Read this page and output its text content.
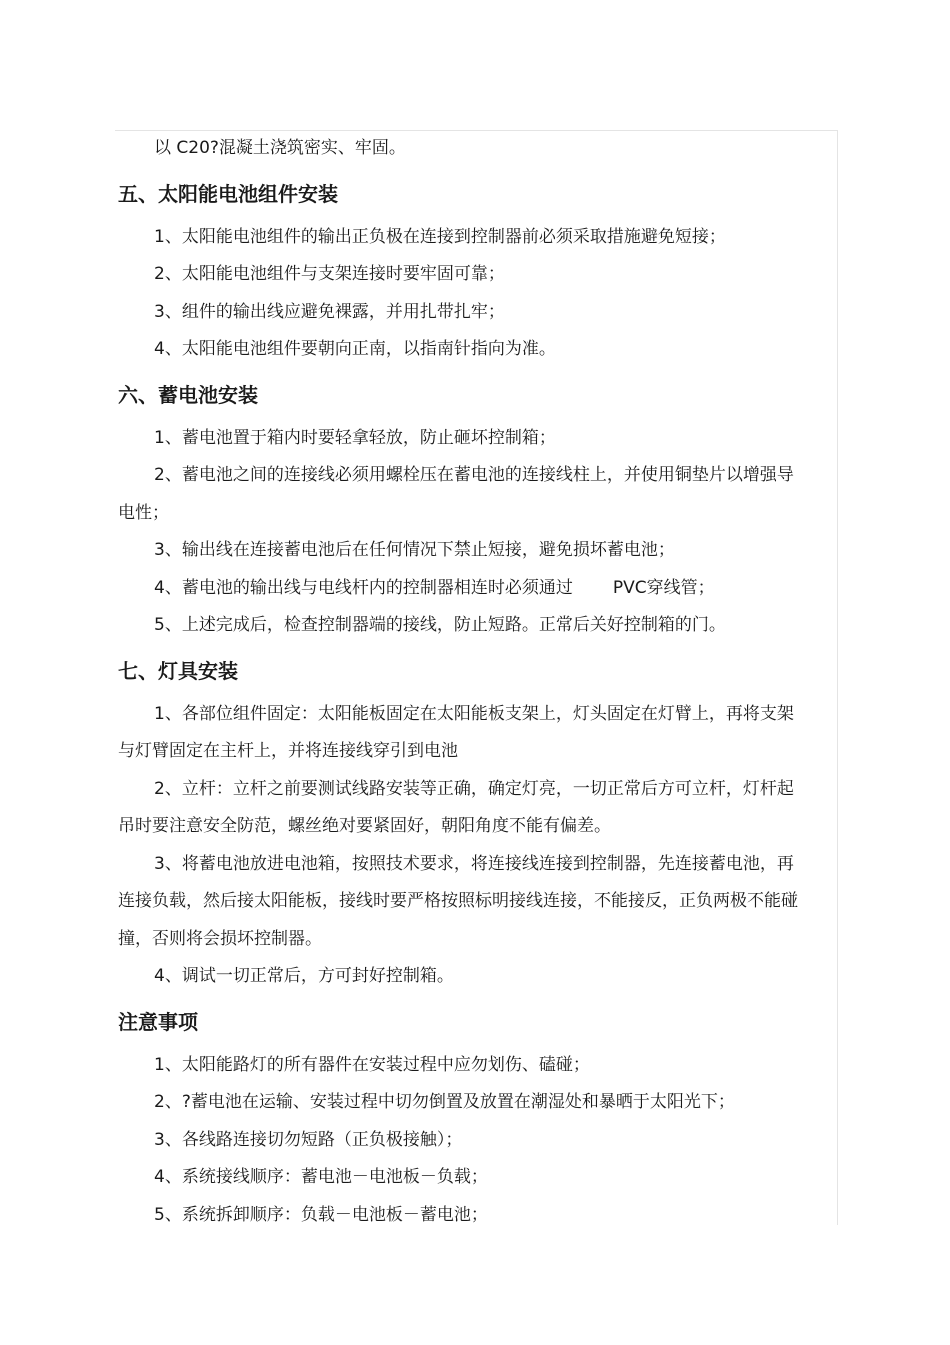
以 C20?混凝土浇筑密实、牢固。

五、太阳能电池组件安装

1、太阳能电池组件的输出正负极在连接到控制器前必须采取措施避免短接；

2、太阳能电池组件与支架连接时要牢固可靠；

3、组件的输出线应避免裸露，并用扎带扎牢；

4、太阳能电池组件要朝向正南，以指南针指向为准。

六、蓄电池安装

1、蓄电池置于箱内时要轻拿轻放，防止砸坏控制箱；

2、蓄电池之间的连接线必须用螺栓压在蓄电池的连接线柱上，并使用铜垫片以增强导电性；

3、输出线在连接蓄电池后在任何情况下禁止短接，避免损坏蓄电池；

4、蓄电池的输出线与电线杆内的控制器相连时必须通过 PVC穿线管；

5、上述完成后，检查控制器端的接线，防止短路。正常后关好控制箱的门。

七、灯具安装

1、各部位组件固定：太阳能板固定在太阳能板支架上，灯头固定在灯臂上，再将支架与灯臂固定在主杆上，并将连接线穿引到电池

2、立杆：立杆之前要测试线路安装等正确，确定灯亮，一切正常后方可立杆，灯杆起吊时要注意安全防范，螺丝绝对要紧固好，朝阳角度不能有偏差。

3、将蓄电池放进电池箱，按照技术要求，将连接线连接到控制器，先连接蓄电池，再连接负载，然后接太阳能板，接线时要严格按照标明接线连接，不能接反，正负两极不能碰撞，否则将会损坏控制器。

4、调试一切正常后，方可封好控制箱。

注意事项

1、太阳能路灯的所有器件在安装过程中应勿划伤、磕碰；

2、?蓄电池在运输、安装过程中切勿倒置及放置在潮湿处和暴晒于太阳光下；

3、各线路连接切勿短路（正负极接触）；

4、系统接线顺序：蓄电池－电池板－负载；

5、系统拆卸顺序：负载－电池板－蓄电池；
